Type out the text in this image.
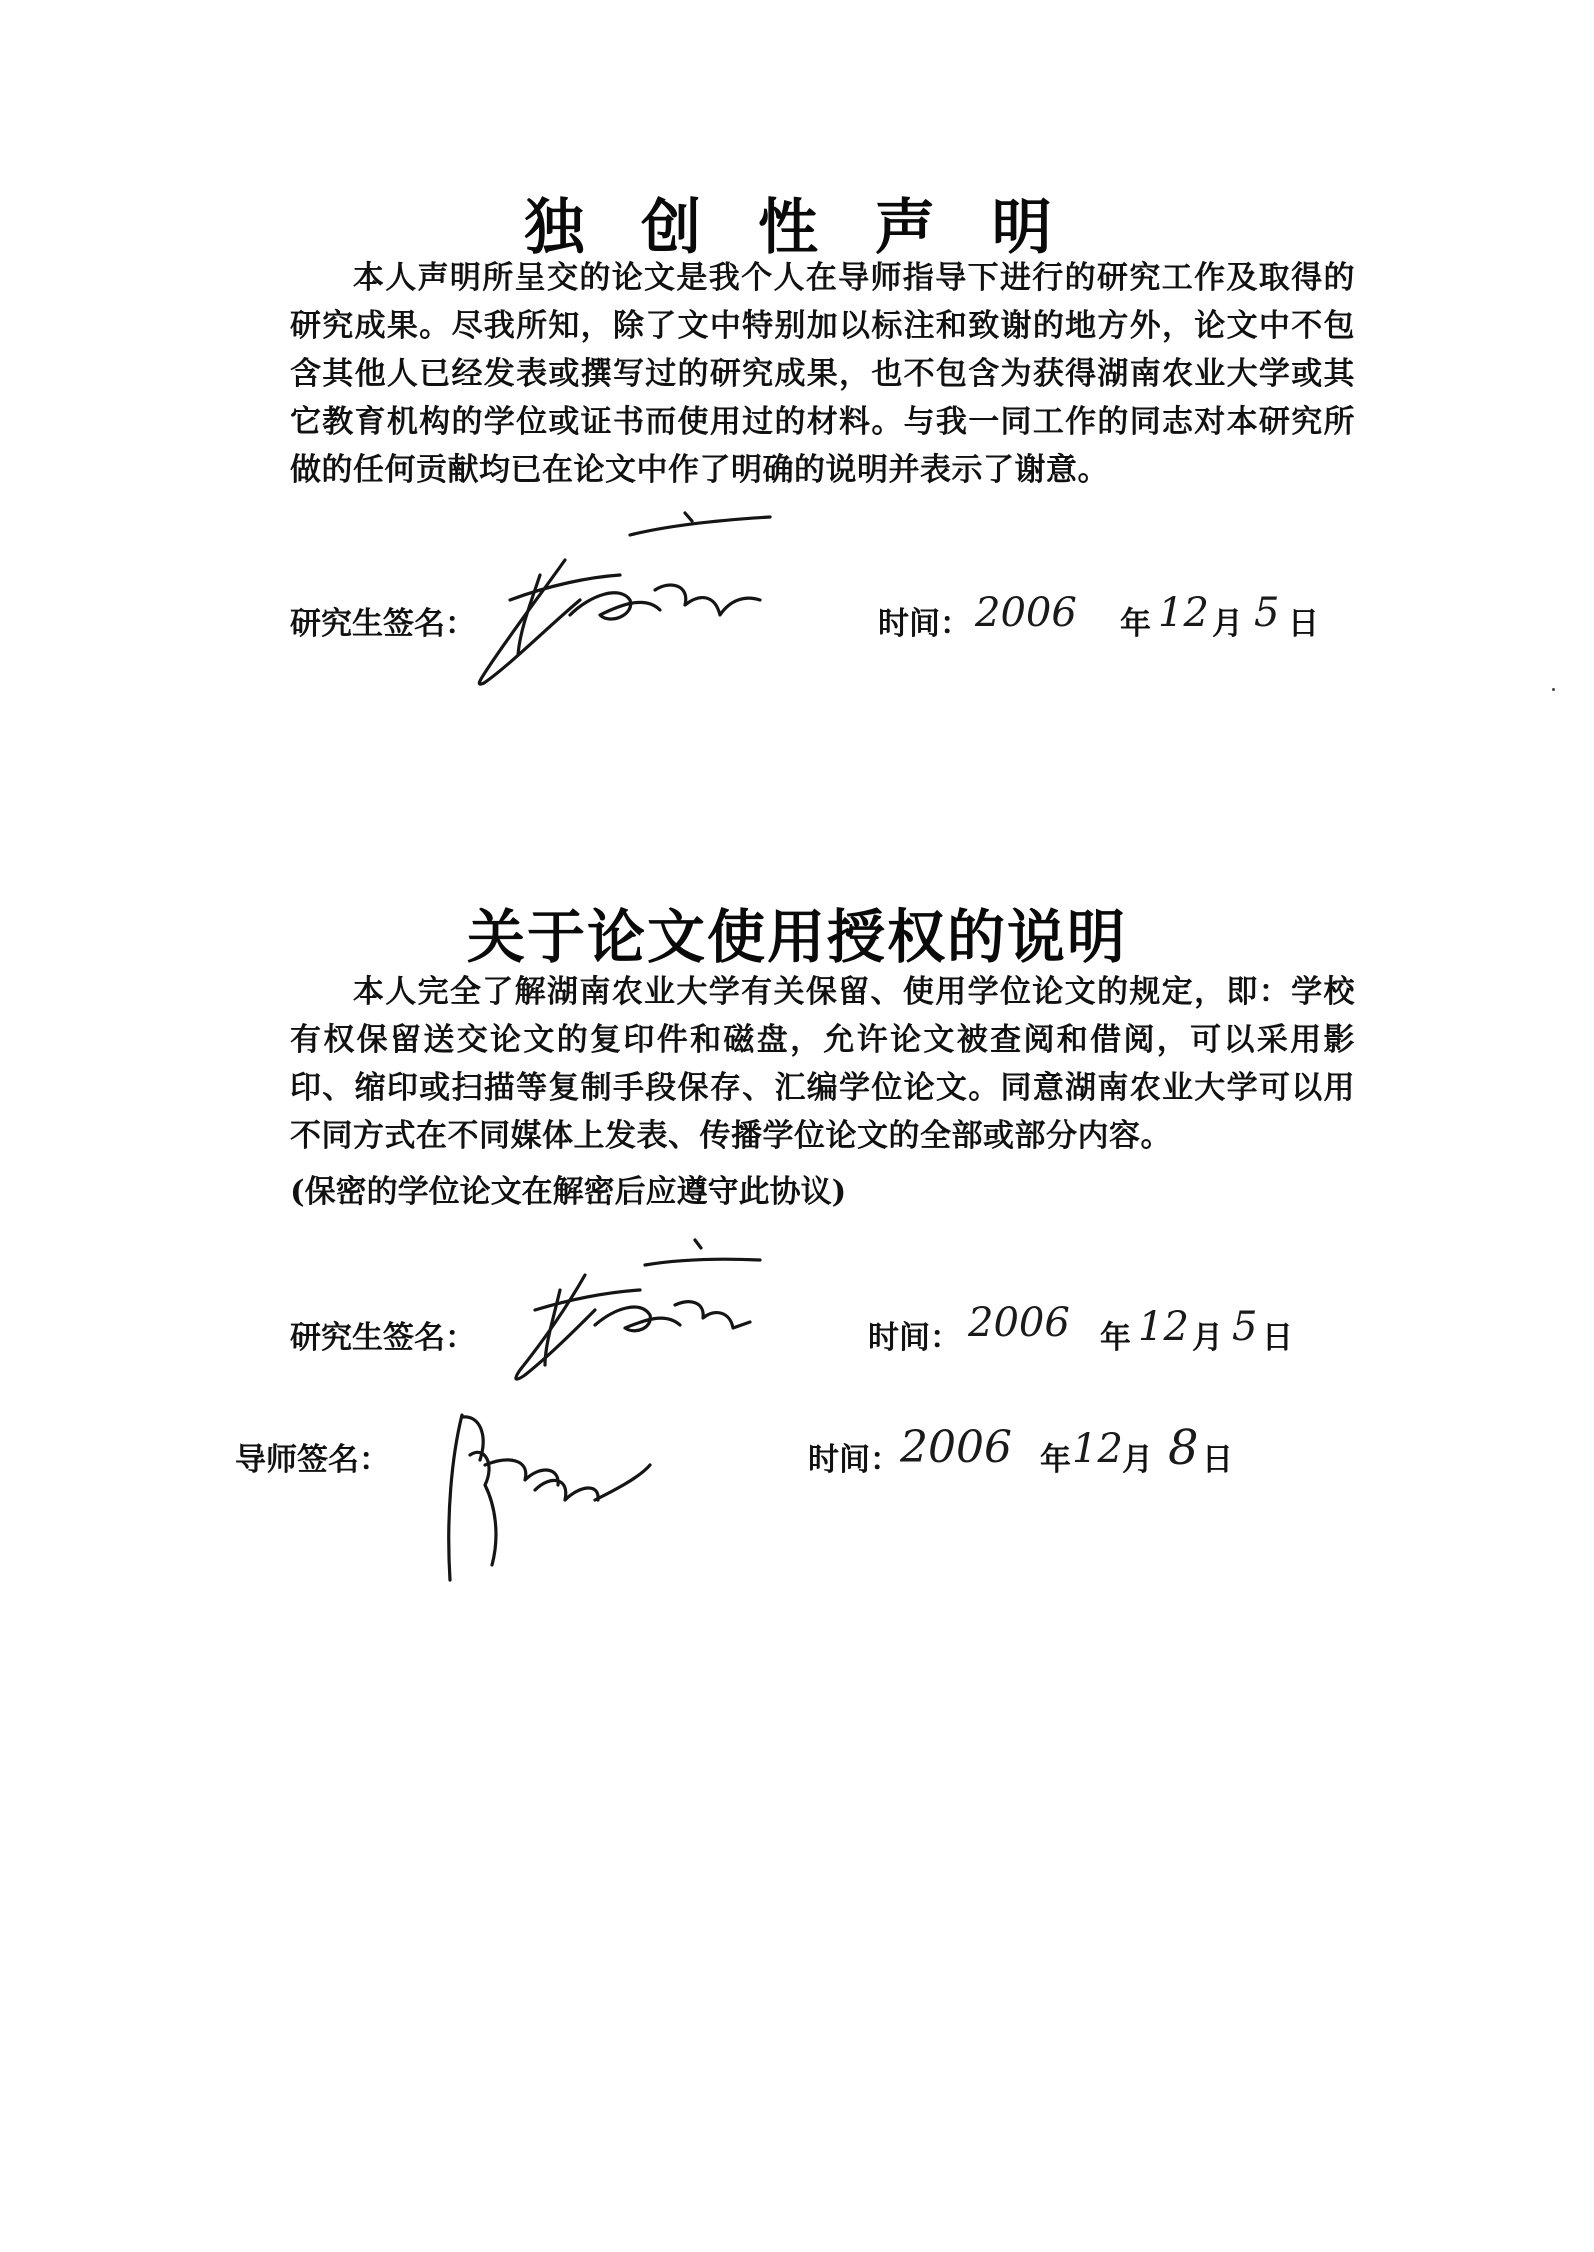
独 创 性 声 明
本人声明所呈交的论文是我个人在导师指导下进行的研究工作及取得的研究成果。尽我所知，除了文中特别加以标注和致谢的地方外，论文中不包含其他人已经发表或撰写过的研究成果，也不包含为获得湖南农业大学或其它教育机构的学位或证书而使用过的材料。与我一同工作的同志对本研究所做的任何贡献均已在论文中作了明确的说明并表示了谢意。
研究生签名：	时间： 2006 年 12 月 5 日
关于论文使用授权的说明
本人完全了解湖南农业大学有关保留、使用学位论文的规定，即：学校有权保留送交论文的复印件和磁盘，允许论文被查阅和借阅，可以采用影印、缩印或扫描等复制手段保存、汇编学位论文。同意湖南农业大学可以用不同方式在不同媒体上发表、传播学位论文的全部或部分内容。
(保密的学位论文在解密后应遵守此协议)
研究生签名：	时间： 2006 年 12 月 5 日
导师签名：	时间： 2006 年 12 月 8 日
